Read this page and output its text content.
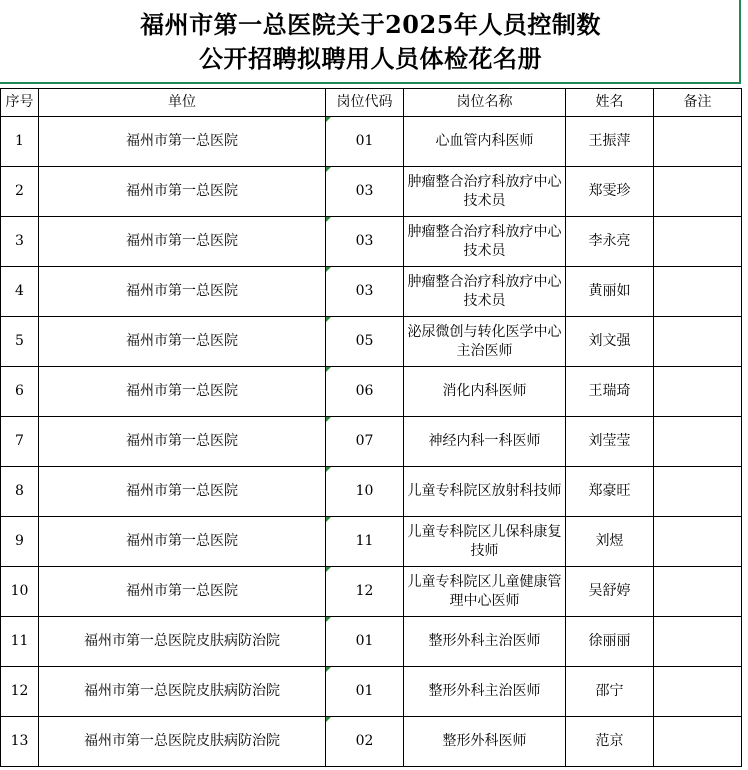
福州市第一总医院关于2025年人员控制数
公开招聘拟聘用人员体检花名册
序号	单位	岗位代码	岗位名称	姓名	备注
1	福州市第一总医院	01	心血管内科医师	王振萍	
2	福州市第一总医院	03	肿瘤整合治疗科放疗中心技术员	郑雯珍	
3	福州市第一总医院	03	肿瘤整合治疗科放疗中心技术员	李永亮	
4	福州市第一总医院	03	肿瘤整合治疗科放疗中心技术员	黄丽如	
5	福州市第一总医院	05	泌尿微创与转化医学中心主治医师	刘文强	
6	福州市第一总医院	06	消化内科医师	王瑞琦	
7	福州市第一总医院	07	神经内科一科医师	刘莹莹	
8	福州市第一总医院	10	儿童专科院区放射科技师	郑豪旺	
9	福州市第一总医院	11	儿童专科院区儿保科康复技师	刘煜	
10	福州市第一总医院	12	儿童专科院区儿童健康管理中心医师	吴舒婷	
11	福州市第一总医院皮肤病防治院	01	整形外科主治医师	徐丽丽	
12	福州市第一总医院皮肤病防治院	01	整形外科主治医师	邵宁	
13	福州市第一总医院皮肤病防治院	02	整形外科医师	范京	
